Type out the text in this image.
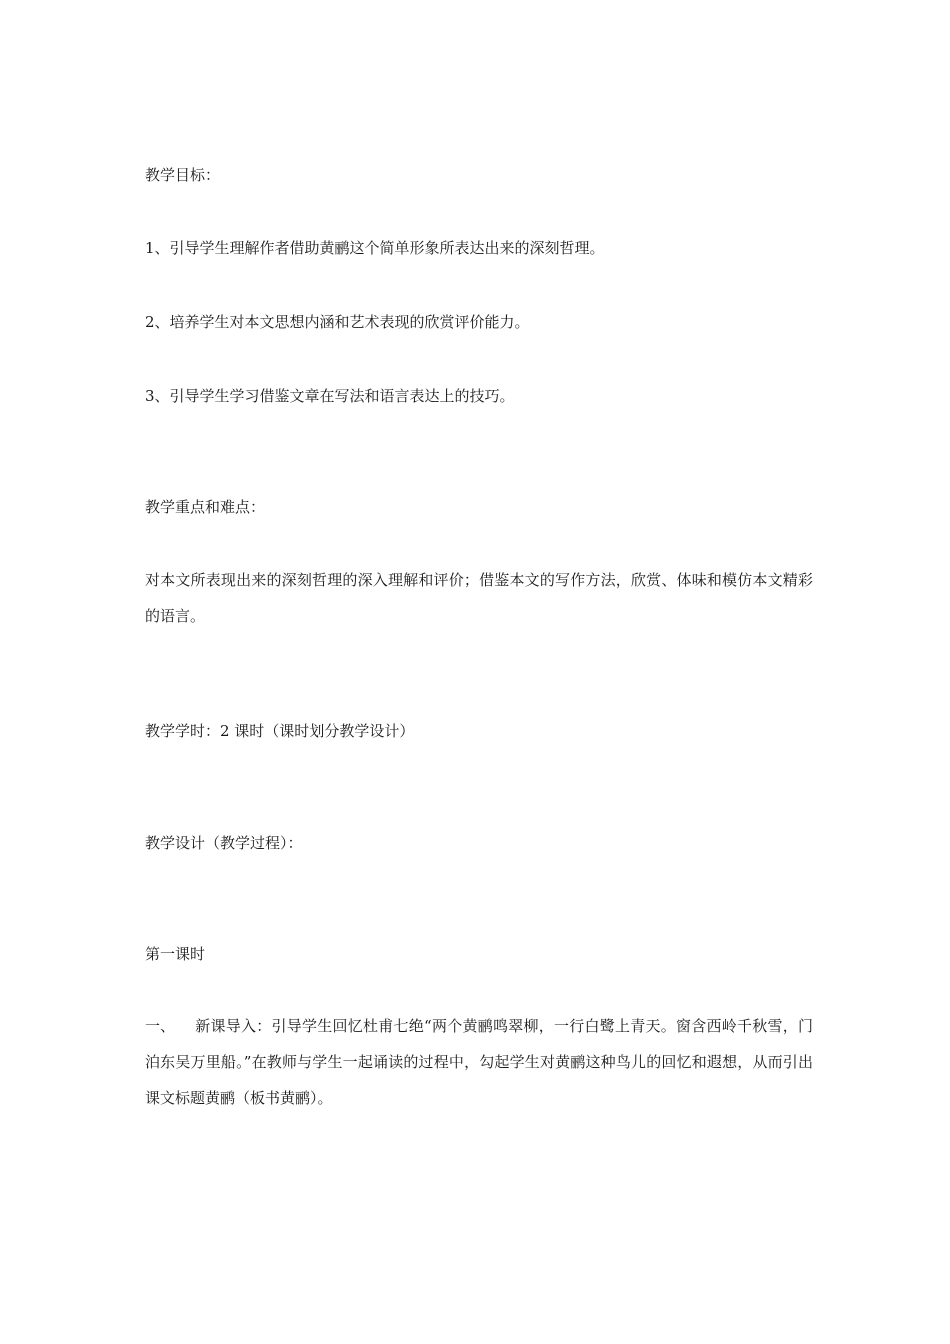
教学目标：
1、引导学生理解作者借助黄鹂这个简单形象所表达出来的深刻哲理。
2、培养学生对本文思想内涵和艺术表现的欣赏评价能力。
3、引导学生学习借鉴文章在写法和语言表达上的技巧。
教学重点和难点：
对本文所表现出来的深刻哲理的深入理解和评价；借鉴本文的写作方法，欣赏、体味和模仿本文精彩的语言。
教学学时：2 课时（课时划分教学设计）
教学设计（教学过程）：
第一课时
一、 新课导入：引导学生回忆杜甫七绝“两个黄鹂鸣翠柳，一行白鹭上青天。窗含西岭千秋雪，门泊东吴万里船。”在教师与学生一起诵读的过程中，勾起学生对黄鹂这种鸟儿的回忆和遐想，从而引出课文标题黄鹂（板书黄鹂）。
